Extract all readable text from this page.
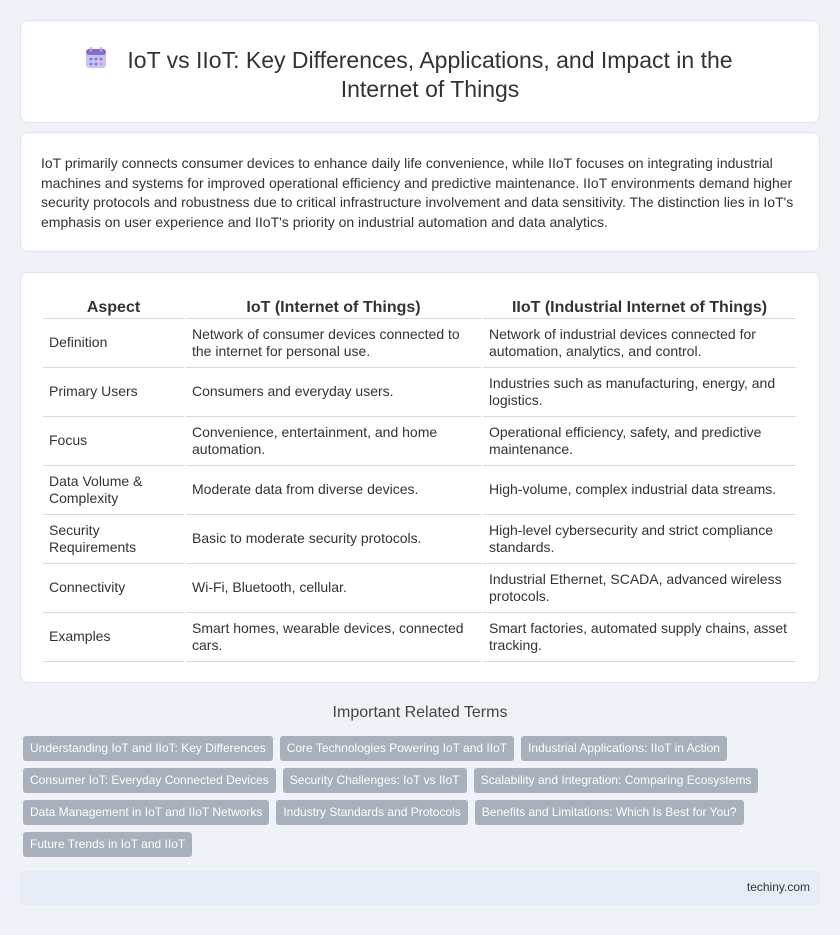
IoT vs IIoT: Key Differences, Applications, and Impact in the Internet of Things

IoT primarily connects consumer devices to enhance daily life convenience, while IIoT focuses on integrating industrial machines and systems for improved operational efficiency and predictive maintenance. IIoT environments demand higher security protocols and robustness due to critical infrastructure involvement and data sensitivity. The distinction lies in IoT's emphasis on user experience and IIoT's priority on industrial automation and data analytics.

Aspect	IoT (Internet of Things)	IIoT (Industrial Internet of Things)
Definition	Network of consumer devices connected to the internet for personal use.	Network of industrial devices connected for automation, analytics, and control.
Primary Users	Consumers and everyday users.	Industries such as manufacturing, energy, and logistics.
Focus	Convenience, entertainment, and home automation.	Operational efficiency, safety, and predictive maintenance.
Data Volume & Complexity	Moderate data from diverse devices.	High-volume, complex industrial data streams.
Security Requirements	Basic to moderate security protocols.	High-level cybersecurity and strict compliance standards.
Connectivity	Wi-Fi, Bluetooth, cellular.	Industrial Ethernet, SCADA, advanced wireless protocols.
Examples	Smart homes, wearable devices, connected cars.	Smart factories, automated supply chains, asset tracking.
Important Related Terms
Understanding IoT and IIoT: Key Differences	Core Technologies Powering IoT and IIoT	Industrial Applications: IIoT in Action
Consumer IoT: Everyday Connected Devices	Security Challenges: IoT vs IIoT	Scalability and Integration: Comparing Ecosystems
Data Management in IoT and IIoT Networks	Industry Standards and Protocols	Benefits and Limitations: Which Is Best for You?
Future Trends in IoT and IIoT
techiny.com
